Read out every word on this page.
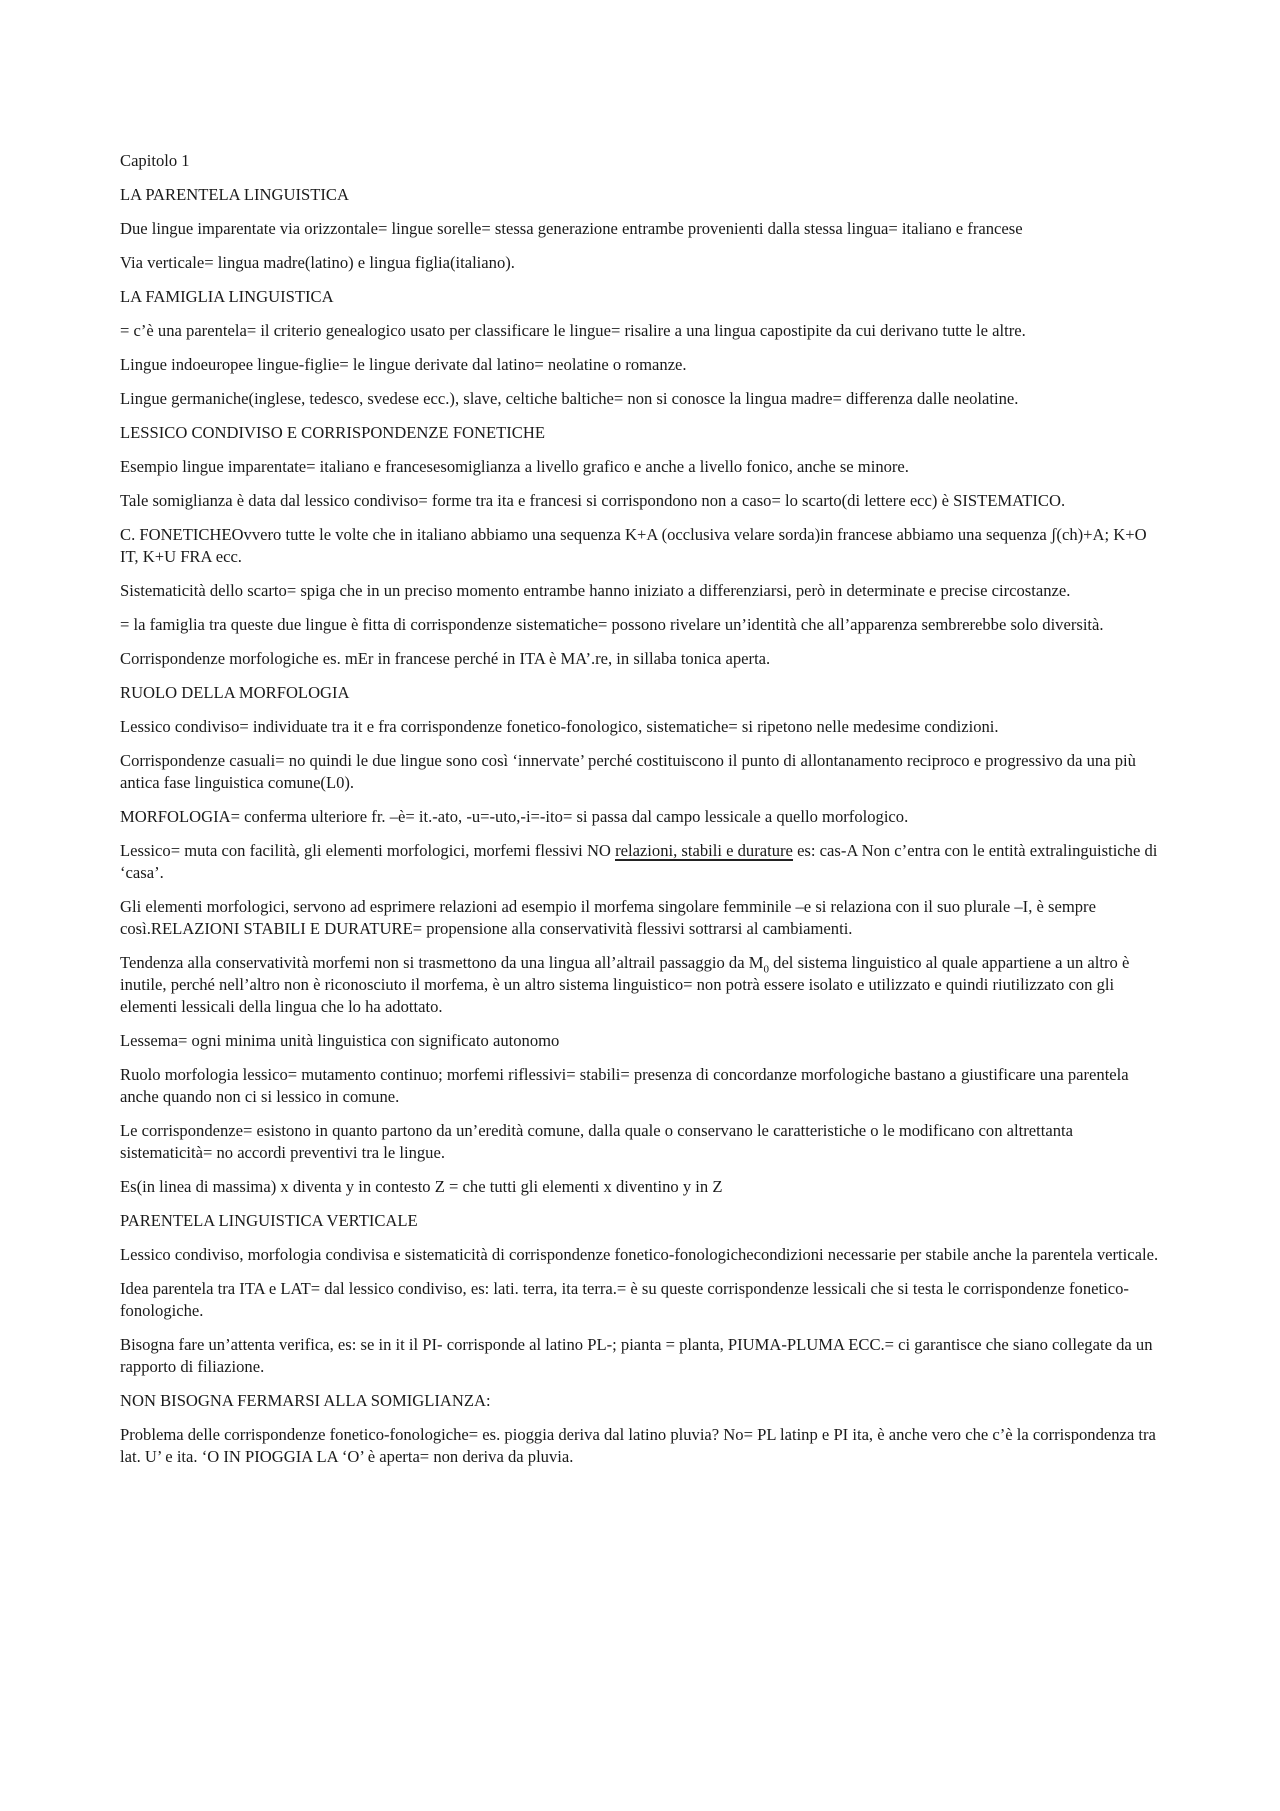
Capitolo 1

LA PARENTELA LINGUISTICA

Due lingue imparentate via orizzontale= lingue sorelle= stessa generazione entrambe provenienti dalla stessa lingua= italiano e francese

Via verticale= lingua madre(latino) e lingua figlia(italiano).

LA FAMIGLIA LINGUISTICA

= c’è una parentela= il criterio genealogico usato per classificare le lingue= risalire a una lingua capostipite da cui derivano tutte le altre.

Lingue indoeuropee lingue-figlie= le lingue derivate dal latino= neolatine o romanze.

Lingue germaniche(inglese, tedesco, svedese ecc.), slave, celtiche baltiche= non si conosce la lingua madre= differenza dalle neolatine.

LESSICO CONDIVISO E CORRISPONDENZE FONETICHE

Esempio lingue imparentate= italiano e francesesomiglianza a livello grafico e anche a livello fonico, anche se minore.

Tale somiglianza è data dal lessico condiviso= forme tra ita e francesi si corrispondono non a caso= lo scarto(di lettere ecc) è SISTEMATICO.

C. FONETICHEOvvero tutte le volte che in italiano abbiamo una sequenza K+A (occlusiva velare sorda)in francese abbiamo una sequenza ʃ(ch)+A; K+O IT, K+U FRA ecc.

Sistematicità dello scarto= spiga che in un preciso momento entrambe hanno iniziato a differenziarsi, però in determinate e precise circostanze.

= la famiglia tra queste due lingue è fitta di corrispondenze sistematiche= possono rivelare un’identità che all’apparenza sembrerebbe solo diversità.

Corrispondenze morfologiche es. mEr in francese perché in ITA è MA’.re, in sillaba tonica aperta.

RUOLO DELLA MORFOLOGIA

Lessico condiviso= individuate tra it e fra corrispondenze fonetico-fonologico, sistematiche= si ripetono nelle medesime condizioni.

Corrispondenze casuali= no quindi le due lingue sono così ‘innervate’ perché costituiscono il punto di allontanamento reciproco e progressivo da una più antica fase linguistica comune(L0).

MORFOLOGIA= conferma ulteriore fr. –è= it.-ato, -u=-uto,-i=-ito= si passa dal campo lessicale a quello morfologico.

Lessico= muta con facilità, gli elementi morfologici, morfemi flessivi NO relazioni, stabili e durature es: cas-A Non c’entra con le entità extralinguistiche di ‘casa’.

Gli elementi morfologici, servono ad esprimere relazioni ad esempio il morfema singolare femminile –e si relaziona con il suo plurale –I, è sempre così.RELAZIONI STABILI E DURATURE= propensione alla conservatività flessivi sottrarsi al cambiamenti.

Tendenza alla conservatività morfemi non si trasmettono da una lingua all’altrail passaggio da $M_0$ del sistema linguistico al quale appartiene a un altro è inutile, perché nell’altro non è riconosciuto il morfema, è un altro sistema linguistico= non potrà essere isolato e utilizzato e quindi riutilizzato con gli elementi lessicali della lingua che lo ha adottato.

Lessema= ogni minima unità linguistica con significato autonomo

Ruolo morfologia lessico= mutamento continuo; morfemi riflessivi= stabili= presenza di concordanze morfologiche bastano a giustificare una parentela anche quando non ci si lessico in comune.

Le corrispondenze= esistono in quanto partono da un’eredità comune, dalla quale o conservano le caratteristiche o le modificano con altrettanta sistematicità= no accordi preventivi tra le lingue.

Es(in linea di massima) x diventa y in contesto Z = che tutti gli elementi x diventino y in Z

PARENTELA LINGUISTICA VERTICALE

Lessico condiviso, morfologia condivisa e sistematicità di corrispondenze fonetico-fonologichecondizioni necessarie per stabile anche la parentela verticale.

Idea parentela tra ITA e LAT= dal lessico condiviso, es: lati. terra, ita terra.= è su queste corrispondenze lessicali che si testa le corrispondenze fonetico-fonologiche.

Bisogna fare un’attenta verifica, es: se in it il PI- corrisponde al latino PL-; pianta = planta, PIUMA-PLUMA ECC.= ci garantisce che siano collegate da un rapporto di filiazione.

NON BISOGNA FERMARSI ALLA SOMIGLIANZA:

Problema delle corrispondenze fonetico-fonologiche= es. pioggia deriva dal latino pluvia? No= PL latinp e PI ita, è anche vero che c’è la corrispondenza tra lat. U’ e ita. ‘O IN PIOGGIA LA ‘O’ è aperta= non deriva da pluvia.
